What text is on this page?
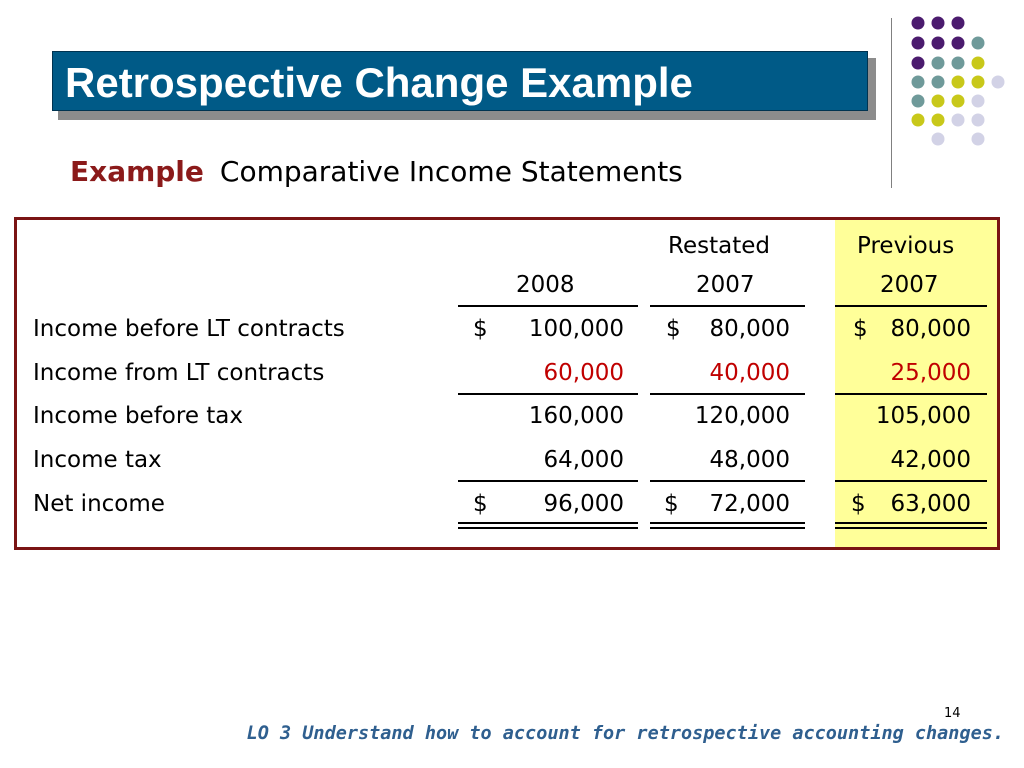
Retrospective Change Example
Example Comparative Income Statements
Restated	Previous
2008	2007	2007
Income before LT contracts	$ 100,000 $ 80,000	$ 80,000
Income from LT contracts	60,000	40,000	25,000
Income before tax	160,000	120,000	105,000
Income tax	64,000	48,000	42,000
Net income	$ 96,000 $ 72,000	$ 63,000
14
LO 3 Understand how to account for retrospective accounting changes.
